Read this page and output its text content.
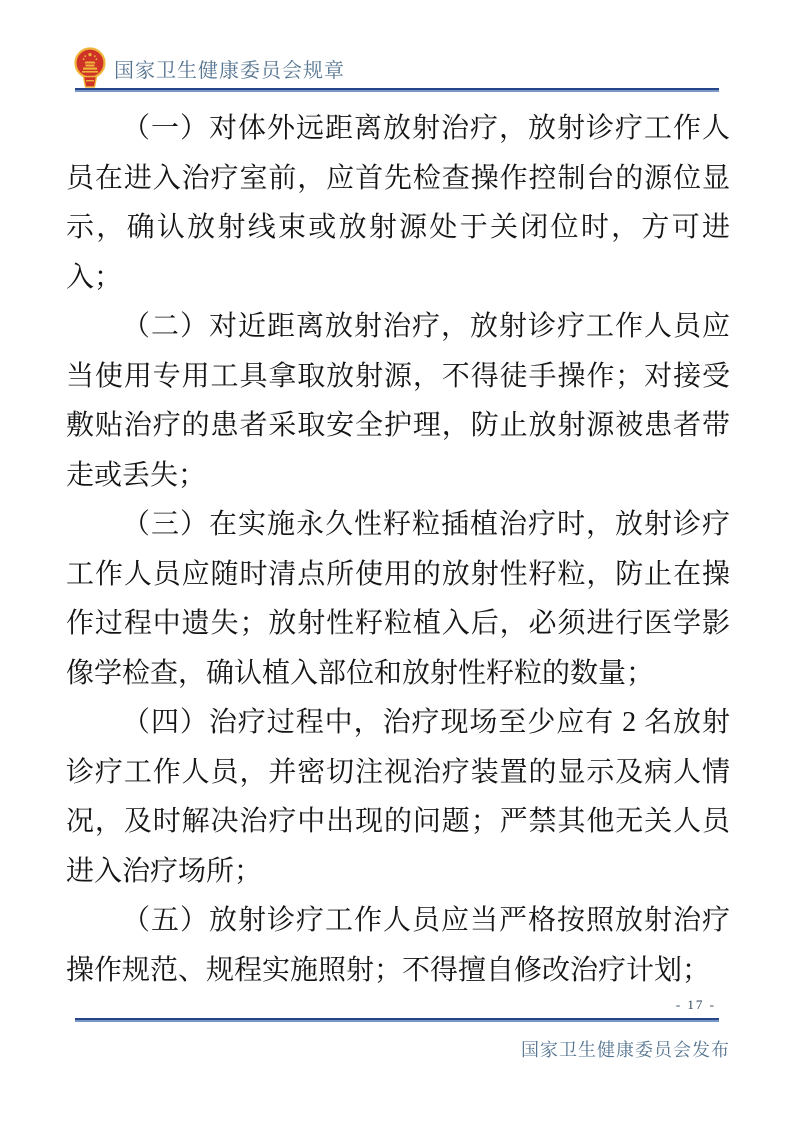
国家卫生健康委员会规章

（一）对体外远距离放射治疗，放射诊疗工作人员在进入治疗室前，应首先检查操作控制台的源位显示，确认放射线束或放射源处于关闭位时，方可进入；

（二）对近距离放射治疗，放射诊疗工作人员应当使用专用工具拿取放射源，不得徒手操作；对接受敷贴治疗的患者采取安全护理，防止放射源被患者带走或丢失；

（三）在实施永久性籽粒插植治疗时，放射诊疗工作人员应随时清点所使用的放射性籽粒，防止在操作过程中遗失；放射性籽粒植入后，必须进行医学影像学检查，确认植入部位和放射性籽粒的数量；

（四）治疗过程中，治疗现场至少应有 2 名放射诊疗工作人员，并密切注视治疗装置的显示及病人情况，及时解决治疗中出现的问题；严禁其他无关人员进入治疗场所；

（五）放射诊疗工作人员应当严格按照放射治疗操作规范、规程实施照射；不得擅自修改治疗计划；

- 17 -
国家卫生健康委员会发布
